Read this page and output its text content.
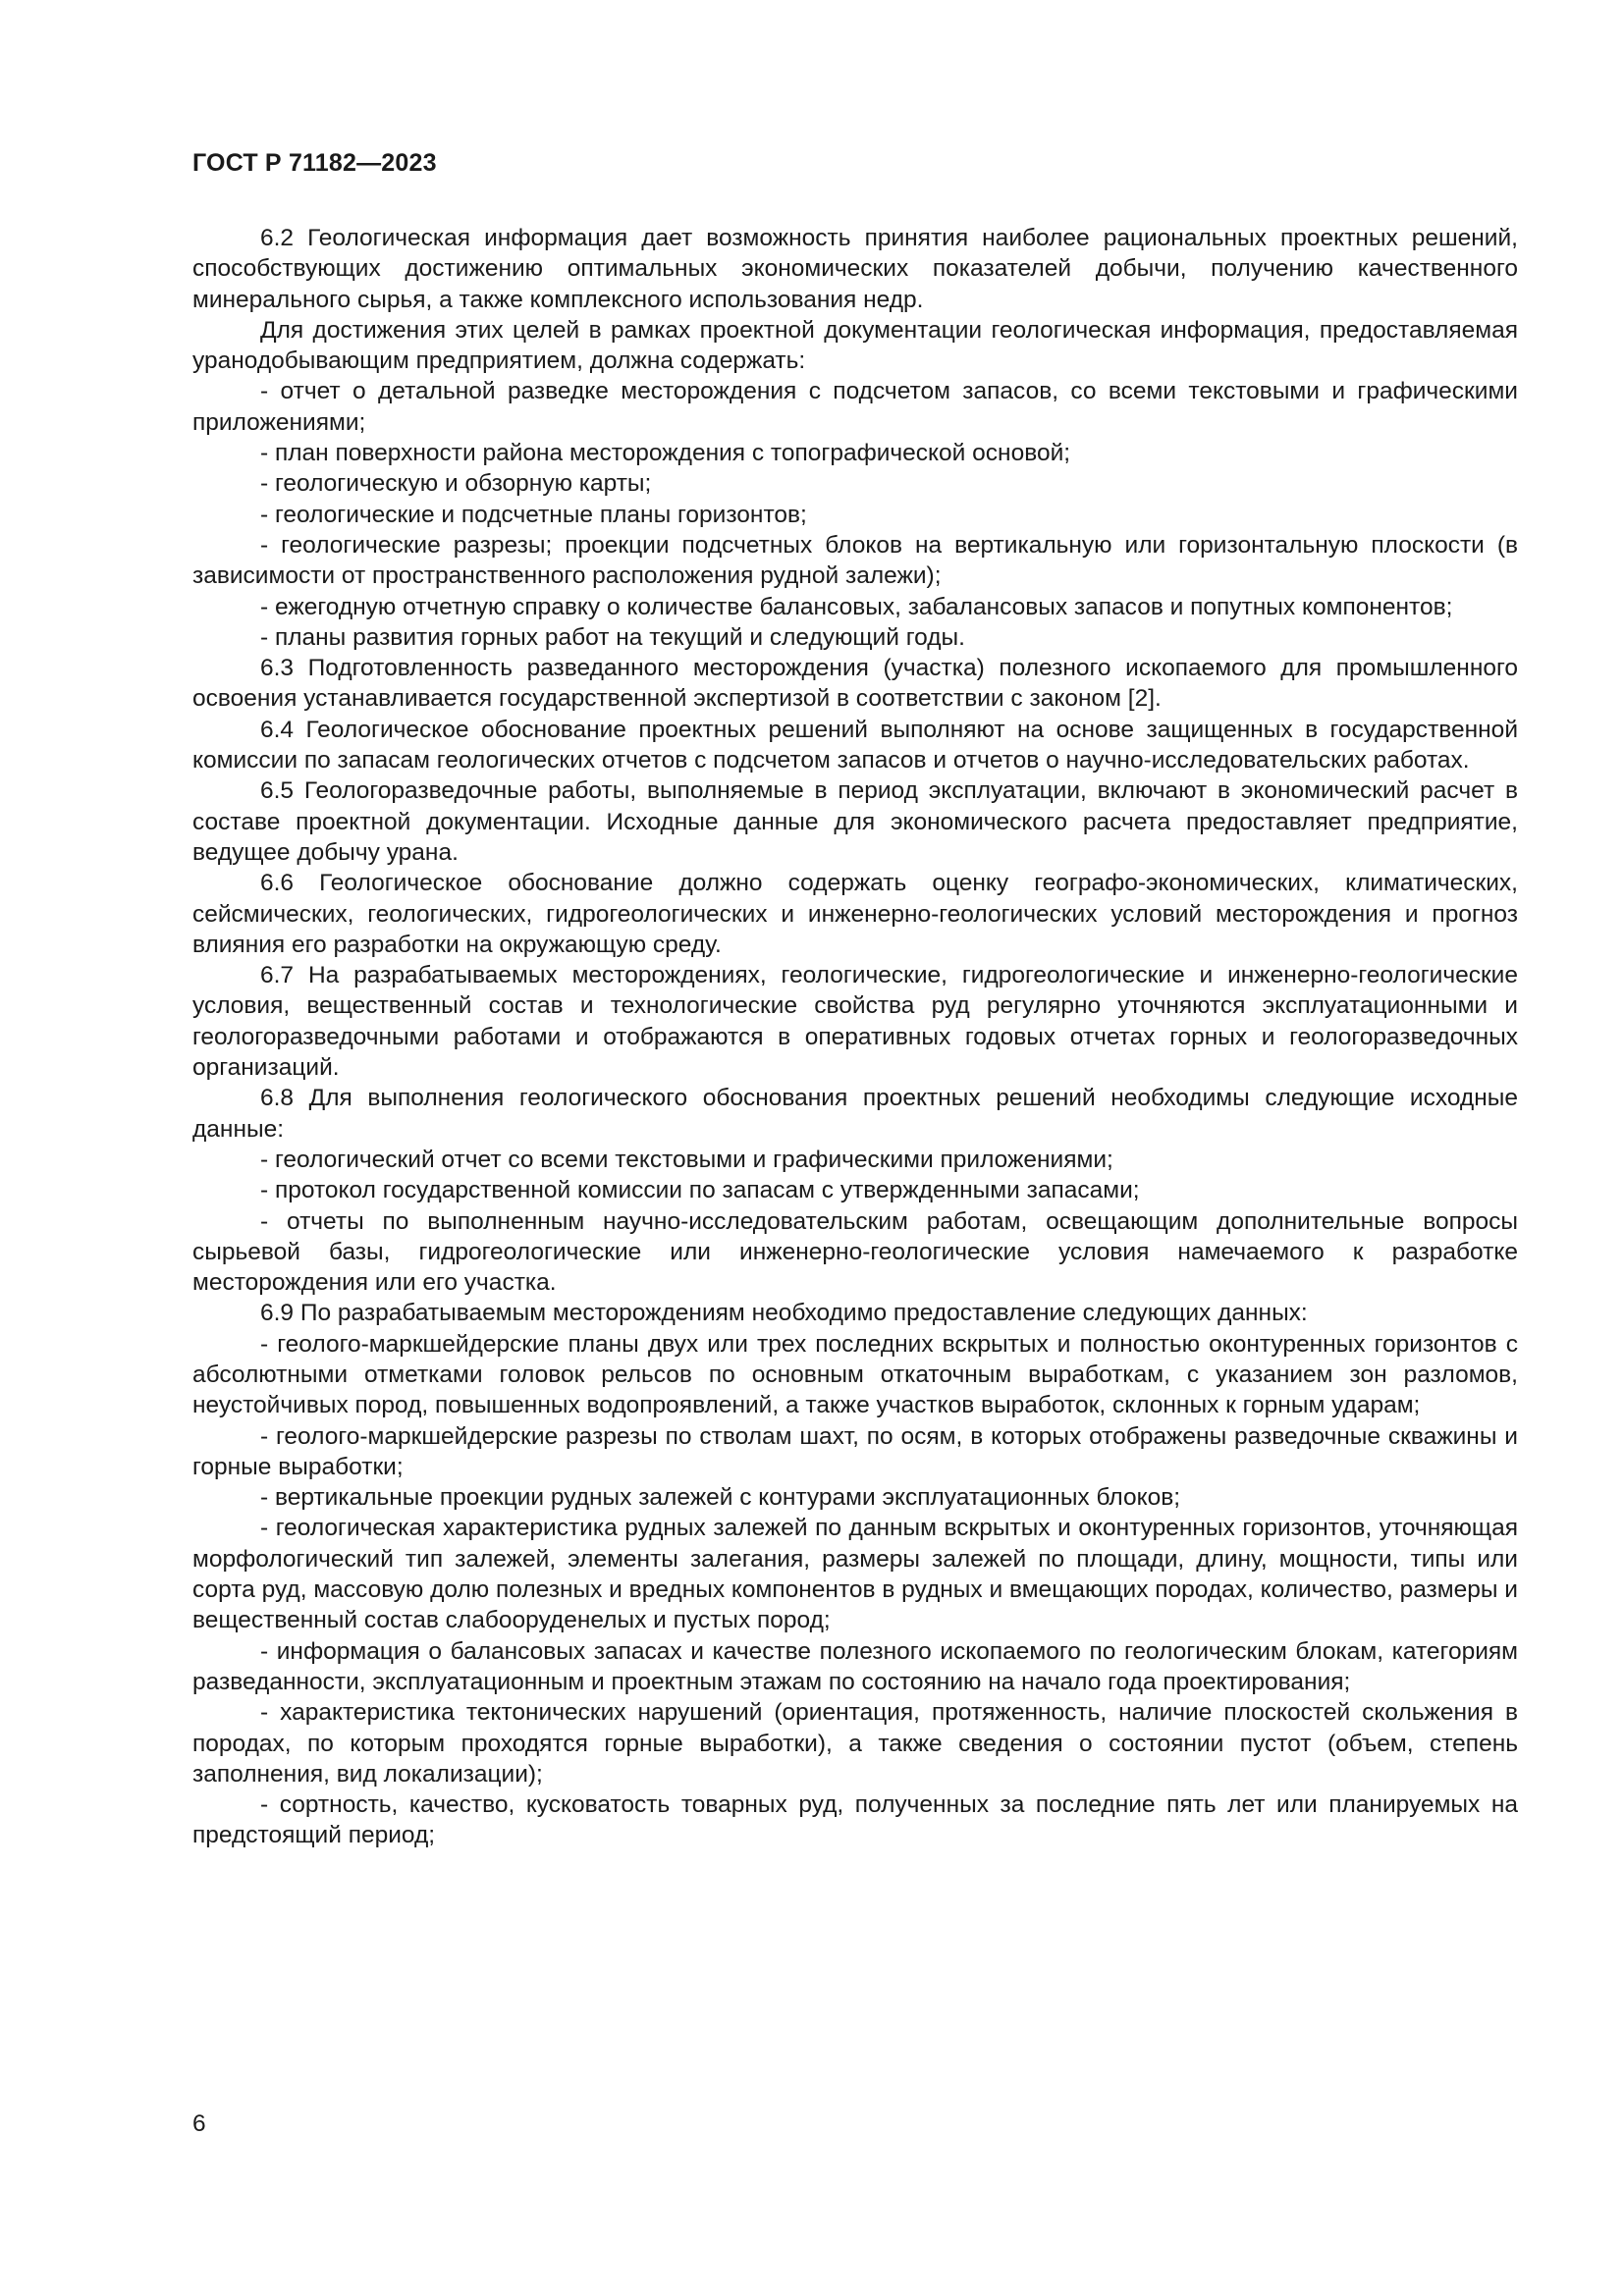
ГОСТ Р 71182—2023

6.2 Геологическая информация дает возможность принятия наиболее рациональных проектных решений, способствующих достижению оптимальных экономических показателей добычи, получению качественного минерального сырья, а также комплексного использования недр.

Для достижения этих целей в рамках проектной документации геологическая информация, предоставляемая уранодобывающим предприятием, должна содержать:

- отчет о детальной разведке месторождения с подсчетом запасов, со всеми текстовыми и графическими приложениями;

- план поверхности района месторождения с топографической основой;

- геологическую и обзорную карты;

- геологические и подсчетные планы горизонтов;

- геологические разрезы; проекции подсчетных блоков на вертикальную или горизонтальную плоскости (в зависимости от пространственного расположения рудной залежи);

- ежегодную отчетную справку о количестве балансовых, забалансовых запасов и попутных компонентов;

- планы развития горных работ на текущий и следующий годы.

6.3 Подготовленность разведанного месторождения (участка) полезного ископаемого для промышленного освоения устанавливается государственной экспертизой в соответствии с законом [2].

6.4 Геологическое обоснование проектных решений выполняют на основе защищенных в государственной комиссии по запасам геологических отчетов с подсчетом запасов и отчетов о научно-исследовательских работах.

6.5 Геологоразведочные работы, выполняемые в период эксплуатации, включают в экономический расчет в составе проектной документации. Исходные данные для экономического расчета предоставляет предприятие, ведущее добычу урана.

6.6 Геологическое обоснование должно содержать оценку географо-экономических, климатических, сейсмических, геологических, гидрогеологических и инженерно-геологических условий месторождения и прогноз влияния его разработки на окружающую среду.

6.7 На разрабатываемых месторождениях, геологические, гидрогеологические и инженерно-геологические условия, вещественный состав и технологические свойства руд регулярно уточняются эксплуатационными и геологоразведочными работами и отображаются в оперативных годовых отчетах горных и геологоразведочных организаций.

6.8 Для выполнения геологического обоснования проектных решений необходимы следующие исходные данные:

- геологический отчет со всеми текстовыми и графическими приложениями;

- протокол государственной комиссии по запасам с утвержденными запасами;

- отчеты по выполненным научно-исследовательским работам, освещающим дополнительные вопросы сырьевой базы, гидрогеологические или инженерно-геологические условия намечаемого к разработке месторождения или его участка.

6.9 По разрабатываемым месторождениям необходимо предоставление следующих данных:

- геолого-маркшейдерские планы двух или трех последних вскрытых и полностью оконтуренных горизонтов с абсолютными отметками головок рельсов по основным откаточным выработкам, с указанием зон разломов, неустойчивых пород, повышенных водопроявлений, а также участков выработок, склонных к горным ударам;

- геолого-маркшейдерские разрезы по стволам шахт, по осям, в которых отображены разведочные скважины и горные выработки;

- вертикальные проекции рудных залежей с контурами эксплуатационных блоков;

- геологическая характеристика рудных залежей по данным вскрытых и оконтуренных горизонтов, уточняющая морфологический тип залежей, элементы залегания, размеры залежей по площади, длину, мощности, типы или сорта руд, массовую долю полезных и вредных компонентов в рудных и вмещающих породах, количество, размеры и вещественный состав слабооруденелых и пустых пород;

- информация о балансовых запасах и качестве полезного ископаемого по геологическим блокам, категориям разведанности, эксплуатационным и проектным этажам по состоянию на начало года проектирования;

- характеристика тектонических нарушений (ориентация, протяженность, наличие плоскостей скольжения в породах, по которым проходятся горные выработки), а также сведения о состоянии пустот (объем, степень заполнения, вид локализации);

- сортность, качество, кусковатость товарных руд, полученных за последние пять лет или планируемых на предстоящий период;

6
